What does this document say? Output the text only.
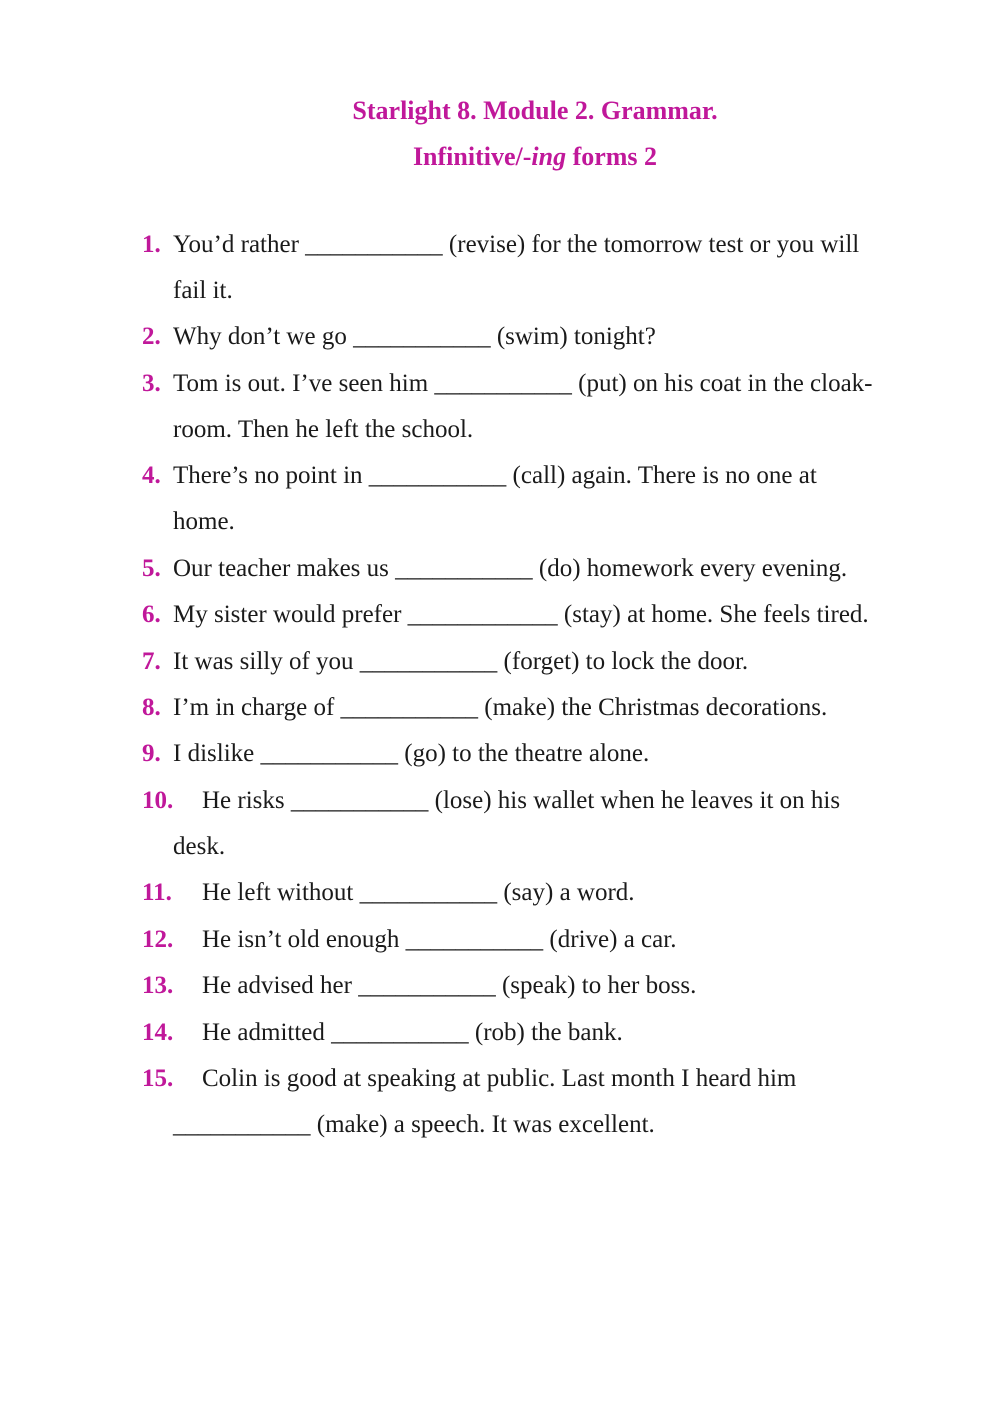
Starlight 8. Module 2. Grammar.
Infinitive/-ing forms 2
1. You’d rather ___________ (revise) for the tomorrow test or you will
fail it.
2. Why don’t we go ___________ (swim) tonight?
3. Tom is out. I’ve seen him ___________ (put) on his coat in the cloak-
room. Then he left the school.
4. There’s no point in ___________ (call) again. There is no one at
home.
5. Our teacher makes us ___________ (do) homework every evening.
6. My sister would prefer ____________ (stay) at home. She feels tired.
7. It was silly of you ___________ (forget) to lock the door.
8. I’m in charge of ___________ (make) the Christmas decorations.
9. I dislike ___________ (go) to the theatre alone.
10.	He risks ___________ (lose) his wallet when he leaves it on his
desk.
11.	He left without ___________ (say) a word.
12.	He isn’t old enough ___________ (drive) a car.
13.	He advised her ___________ (speak) to her boss.
14.	He admitted ___________ (rob) the bank.
15.	Colin is good at speaking at public. Last month I heard him
___________ (make) a speech. It was excellent.
